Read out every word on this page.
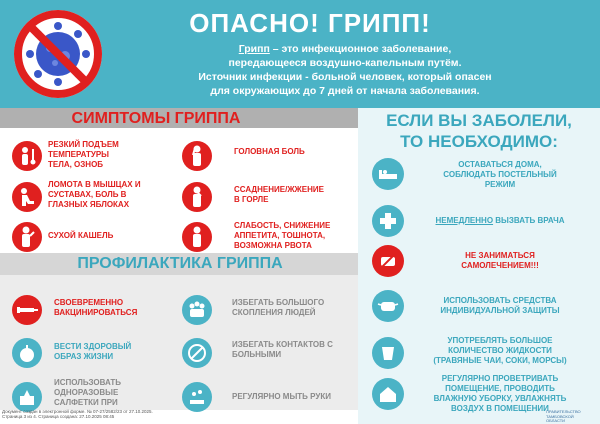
ОПАСНО! ГРИПП!
Грипп – это инфекционное заболевание,
передающееся воздушно-капельным путём.
Источник инфекции - больной человек, который опасен
для окружающих до 7 дней от начала заболевания.
СИМПТОМЫ ГРИППА
РЕЗКИЙ ПОДЪЕМ
ТЕМПЕРАТУРЫ
ТЕЛА, ОЗНОБ
ГОЛОВНАЯ БОЛЬ
ЛОМОТА В МЫШЦАХ И
СУСТАВАХ, БОЛЬ В
ГЛАЗНЫХ ЯБЛОКАХ
ССАДНЕНИЕ/ЖЖЕНИЕ
В ГОРЛЕ
СУХОЙ КАШЕЛЬ
СЛАБОСТЬ, СНИЖЕНИЕ
АППЕТИТА, ТОШНОТА,
ВОЗМОЖНА РВОТА
ПРОФИЛАКТИКА ГРИППА
СВОЕВРЕМЕННО
ВАКЦИНИРОВАТЬСЯ
ИЗБЕГАТЬ БОЛЬШОГО
СКОПЛЕНИЯ ЛЮДЕЙ
ВЕСТИ ЗДОРОВЫЙ
ОБРАЗ ЖИЗНИ
ИЗБЕГАТЬ КОНТАКТОВ С
БОЛЬНЫМИ
ИСПОЛЬЗОВАТЬ
ОДНОРАЗОВЫЕ
САЛФЕТКИ ПРИ
РЕГУЛЯРНО МЫТЬ РУКИ
ЕСЛИ ВЫ ЗАБОЛЕЛИ,
ТО НЕОБХОДИМО:
ОСТАВАТЬСЯ ДОМА,
СОБЛЮДАТЬ ПОСТЕЛЬНЫЙ
РЕЖИМ
НЕМЕДЛЕННО ВЫЗВАТЬ ВРАЧА
НЕ ЗАНИМАТЬСЯ
САМОЛЕЧЕНИЕМ!!!
ИСПОЛЬЗОВАТЬ СРЕДСТВА
ИНДИВИДУАЛЬНОЙ ЗАЩИТЫ
УПОТРЕБЛЯТЬ БОЛЬШОЕ
КОЛИЧЕСТВО ЖИДКОСТИ
(ТРАВЯНЫЕ ЧАИ, СОКИ, МОРСЫ)
РЕГУЛЯРНО ПРОВЕТРИВАТЬ
ПОМЕЩЕНИЕ, ПРОВОДИТЬ
ВЛАЖНУЮ УБОРКУ, УВЛАЖНЯТЬ
ВОЗДУХ В ПОМЕЩЕНИИ
Документ создан в электронной форме. № 07-27/2582/23 от 27.10.2025.
Страница 3 из 4. Страница создана: 27.10.2025 08:45
ПРАВИТЕЛЬСТВО
ТАМБОВСКОЙ
ОБЛАСТИ
